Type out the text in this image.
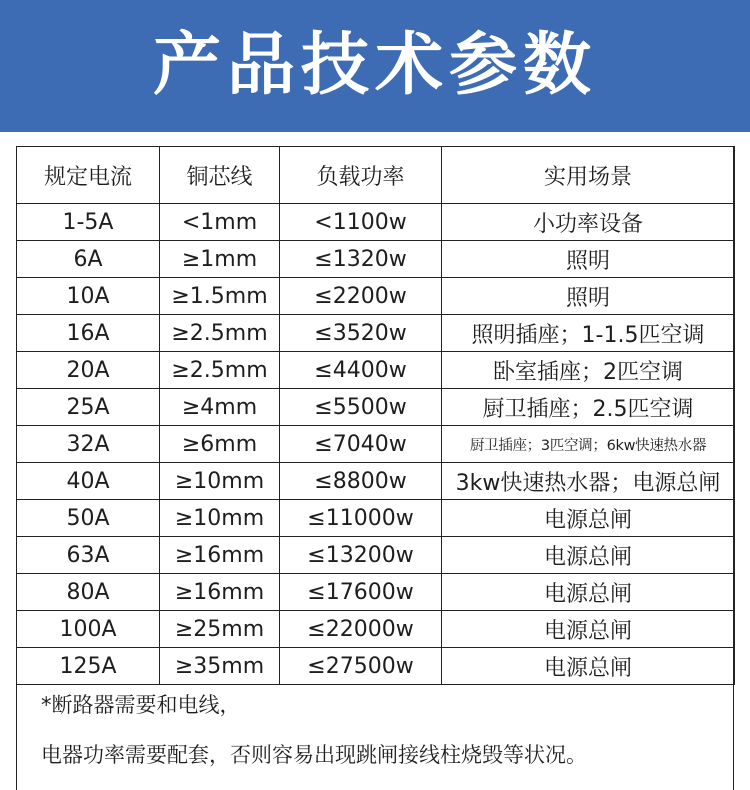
产品技术参数
规定电流	铜芯线	负载功率	实用场景
1-5A	<1mm	<1100w	小功率设备
6A	≥1mm	≤1320w	照明
10A	≥1.5mm	≤2200w	照明
16A	≥2.5mm	≤3520w	照明插座；1-1.5匹空调
20A	≥2.5mm	≤4400w	卧室插座；2匹空调
25A	≥4mm	≤5500w	厨卫插座；2.5匹空调
32A	≥6mm	≤7040w	厨卫插座；3匹空调；6kw快速热水器
40A	≥10mm	≤8800w	3kw快速热水器；电源总闸
50A	≥10mm	≤11000w	电源总闸
63A	≥16mm	≤13200w	电源总闸
80A	≥16mm	≤17600w	电源总闸
100A	≥25mm	≤22000w	电源总闸
125A	≥35mm	≤27500w	电源总闸
*断路器需要和电线，
电器功率需要配套，否则容易出现跳闸接线柱烧毁等状况。
